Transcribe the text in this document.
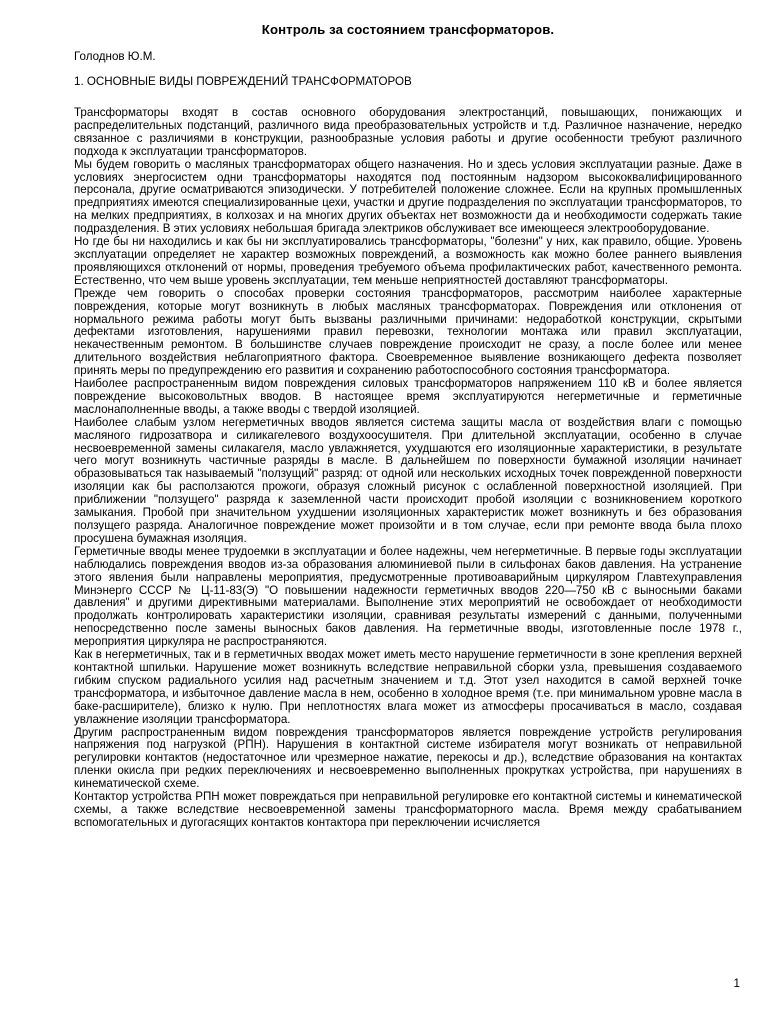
Контроль за состоянием трансформаторов.
Голоднов Ю.М.
1. ОСНОВНЫЕ ВИДЫ ПОВРЕЖДЕНИЙ ТРАНСФОРМАТОРОВ

Трансформаторы входят в состав основного оборудования электростанций, повышающих, понижающих и распределительных подстанций, различного вида преобразовательных устройств и т.д. Различное назначение, нередко связанное с различиями в конструкции, разнообразные условия работы и другие особенности требуют различного подхода к эксплуатации трансформаторов.

Мы будем говорить о масляных трансформаторах общего назначения. Но и здесь условия эксплуатации разные. Даже в условиях энергосистем одни трансформаторы находятся под постоянным надзором высококвалифицированного персонала, другие осматриваются эпизодически. У потребителей положение сложнее. Если на крупных промышленных предприятиях имеются специализированные цехи, участки и другие подразделения по эксплуатации трансформаторов, то на мелких предприятиях, в колхозах и на многих других объектах нет возможности да и необходимости содержать такие подразделения. В этих условиях небольшая бригада электриков обслуживает все имеющееся электрооборудование.

Но где бы ни находились и как бы ни эксплуатировались трансформаторы, "болезни" у них, как правило, общие. Уровень эксплуатации определяет не характер возможных повреждений, а возможность как можно более раннего выявления проявляющихся отклонений от нормы, проведения требуемого объема профилактических работ, качественного ремонта. Естественно, что чем выше уровень эксплуатации, тем меньше неприятностей доставляют трансформаторы.

Прежде чем говорить о способах проверки состояния трансформаторов, рассмотрим наиболее характерные повреждения, которые могут возникнуть в любых масляных трансформаторах. Повреждения или отклонения от нормального режима работы могут быть вызваны различными причинами: недоработкой конструкции, скрытыми дефектами изготовления, нарушениями правил перевозки, технологии монтажа или правил эксплуатации, некачественным ремонтом. В большинстве случаев повреждение происходит не сразу, а после более или менее длительного воздействия неблагоприятного фактора. Своевременное выявление возникающего дефекта позволяет принять меры по предупреждению его развития и сохранению работоспособного состояния трансформатора.

Наиболее распространенным видом повреждения силовых трансформаторов напряжением 110 кВ и более является повреждение высоковольтных вводов. В настоящее время эксплуатируются негерметичные и герметичные маслонаполненные вводы, а также вводы с твердой изоляцией.

Наиболее слабым узлом негерметичных вводов является система защиты масла от воздействия влаги с помощью масляного гидрозатвора и силикагелевого воздухоосушителя. При длительной эксплуатации, особенно в случае несвоевременной замены силакагеля, масло увлажняется, ухудшаются его изоляционные характеристики, в результате чего могут возникнуть частичные разряды в масле. В дальнейшем по поверхности бумажной изоляции начинает образовываться так называемый "ползущий" разряд: от одной или нескольких исходных точек поврежденной поверхности изоляции как бы расползаются прожоги, образуя сложный рисунок с ослабленной поверхностной изоляцией. При приближении "ползущего" разряда к заземленной части происходит пробой изоляции с возникновением короткого замыкания. Пробой при значительном ухудшении изоляционных характеристик может возникнуть и без образования ползущего разряда. Аналогичное повреждение может произойти и в том случае, если при ремонте ввода была плохо просушена бумажная изоляция.

Герметичные вводы менее трудоемки в эксплуатации и более надежны, чем негерметичные. В первые годы эксплуатации наблюдались повреждения вводов из-за образования алюминиевой пыли в сильфонах баков давления. На устранение этого явления были направлены мероприятия, предусмотренные противоаварийным циркуляром Главтехуправления Минэнерго СССР № Ц-11-83(Э) "О повышении надежности герметичных вводов 220—750 кВ с выносными баками давления" и другими директивными материалами. Выполнение этих мероприятий не освобождает от необходимости продолжать контролировать характеристики изоляции, сравнивая результаты измерений с данными, полученными непосредственно после замены выносных баков давления. На герметичные вводы, изготовленные после 1978 г., мероприятия циркуляра не распространяются.

Как в негерметичных, так и в герметичных вводах может иметь место нарушение герметичности в зоне крепления верхней контактной шпильки. Нарушение может возникнуть вследствие неправильной сборки узла, превышения создаваемого гибким спуском радиального усилия над расчетным значением и т.д. Этот узел находится в самой верхней точке трансформатора, и избыточное давление масла в нем, особенно в холодное время (т.е. при минимальном уровне масла в баке-расширителе), близко к нулю. При неплотностях влага может из атмосферы просачиваться в масло, создавая увлажнение изоляции трансформатора.

Другим распространенным видом повреждения трансформаторов является повреждение устройств регулирования напряжения под нагрузкой (РПН). Нарушения в контактной системе избирателя могут возникать от неправильной регулировки контактов (недостаточное или чрезмерное нажатие, перекосы и др.), вследствие образования на контактах пленки окисла при редких переключениях и несвоевременно выполненных прокрутках устройства, при нарушениях в кинематической схеме.

Контактор устройства РПН может повреждаться при неправильной регулировке его контактной системы и кинематической схемы, а также вследствие несвоевременной замены трансформаторного масла. Время между срабатыванием вспомогательных и дугогасящих контактов контактора при переключении исчисляется

1
